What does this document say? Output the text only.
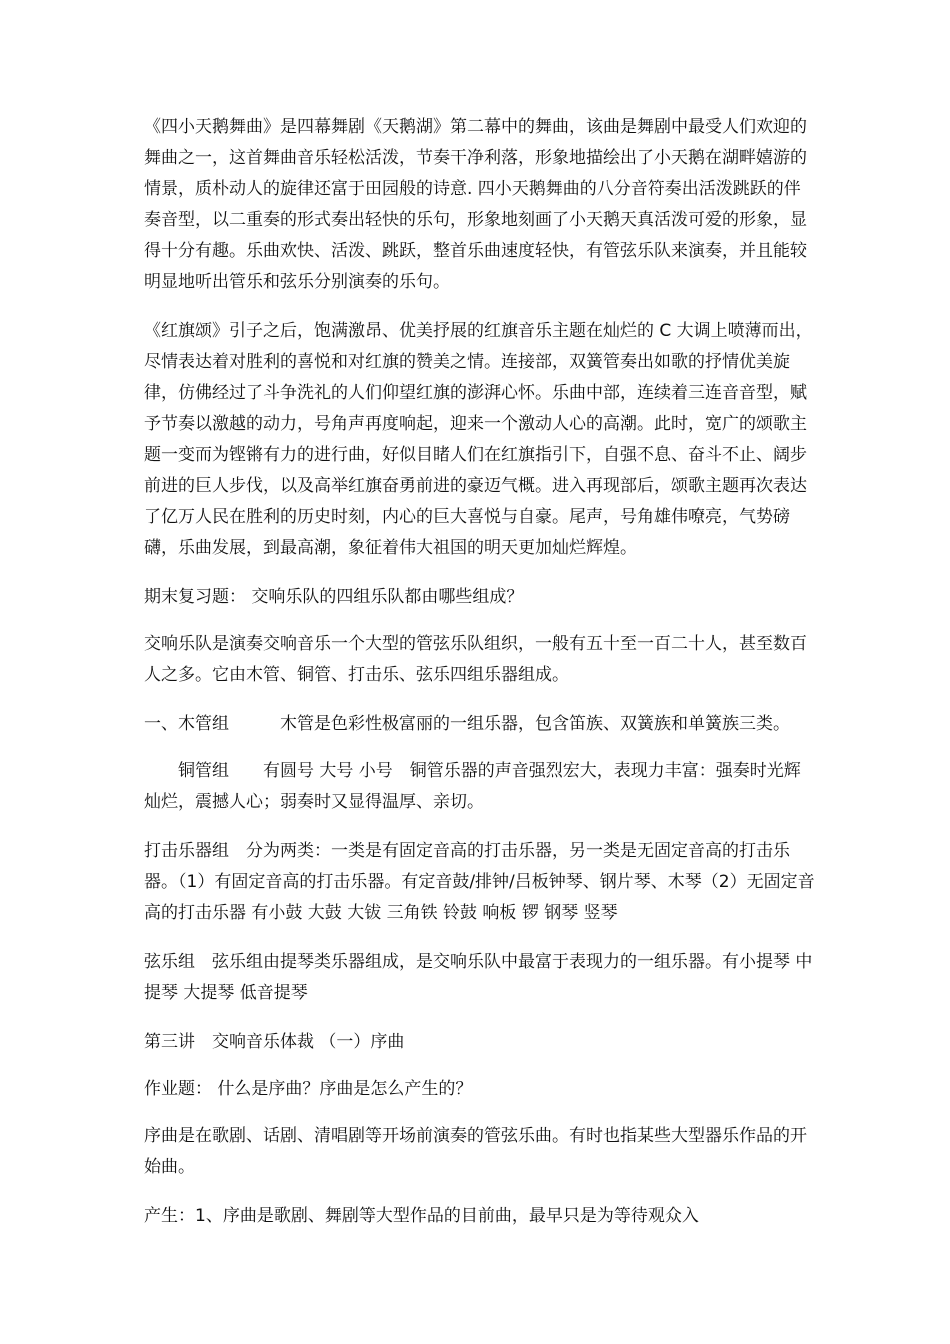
《四小天鹅舞曲》是四幕舞剧《天鹅湖》第二幕中的舞曲，该曲是舞剧中最受人们欢迎的舞曲之一，这首舞曲音乐轻松活泼，节奏干净利落，形象地描绘出了小天鹅在湖畔嬉游的情景，质朴动人的旋律还富于田园般的诗意. 四小天鹅舞曲的八分音符奏出活泼跳跃的伴奏音型，以二重奏的形式奏出轻快的乐句，形象地刻画了小天鹅天真活泼可爱的形象，显得十分有趣。乐曲欢快、活泼、跳跃，整首乐曲速度轻快，有管弦乐队来演奏，并且能较明显地听出管乐和弦乐分别演奏的乐句。

《红旗颂》引子之后，饱满激昂、优美抒展的红旗音乐主题在灿烂的 C 大调上喷薄而出，尽情表达着对胜利的喜悦和对红旗的赞美之情。连接部，双簧管奏出如歌的抒情优美旋律，仿佛经过了斗争洗礼的人们仰望红旗的澎湃心怀。乐曲中部，连续着三连音音型，赋予节奏以激越的动力，号角声再度响起，迎来一个激动人心的高潮。此时，宽广的颂歌主题一变而为铿锵有力的进行曲，好似目睹人们在红旗指引下，自强不息、奋斗不止、阔步前进的巨人步伐，以及高举红旗奋勇前进的豪迈气概。进入再现部后，颂歌主题再次表达了亿万人民在胜利的历史时刻，内心的巨大喜悦与自豪。尾声，号角雄伟嘹亮，气势磅礴，乐曲发展，到最高潮，象征着伟大祖国的明天更加灿烂辉煌。

期末复习题： 交响乐队的四组乐队都由哪些组成？

交响乐队是演奏交响音乐一个大型的管弦乐队组织，一般有五十至一百二十人，甚至数百人之多。它由木管、铜管、打击乐、弦乐四组乐器组成。

一、木管组　　　木管是色彩性极富丽的一组乐器，包含笛族、双簧族和单簧族三类。

　　铜管组　　有圆号 大号 小号　铜管乐器的声音强烈宏大，表现力丰富：强奏时光辉灿烂，震撼人心；弱奏时又显得温厚、亲切。

打击乐器组　分为两类：一类是有固定音高的打击乐器，另一类是无固定音高的打击乐器。（1）有固定音高的打击乐器。有定音鼓/排钟/吕板钟琴、钢片琴、木琴（2）无固定音高的打击乐器 有小鼓 大鼓 大钹 三角铁 铃鼓 响板 锣 钢琴 竖琴

弦乐组　弦乐组由提琴类乐器组成，是交响乐队中最富于表现力的一组乐器。有小提琴 中提琴 大提琴 低音提琴

第三讲　交响音乐体裁 （一）序曲

作业题： 什么是序曲？序曲是怎么产生的？

序曲是在歌剧、话剧、清唱剧等开场前演奏的管弦乐曲。有时也指某些大型器乐作品的开始曲。

产生：1、序曲是歌剧、舞剧等大型作品的目前曲，最早只是为等待观众入
